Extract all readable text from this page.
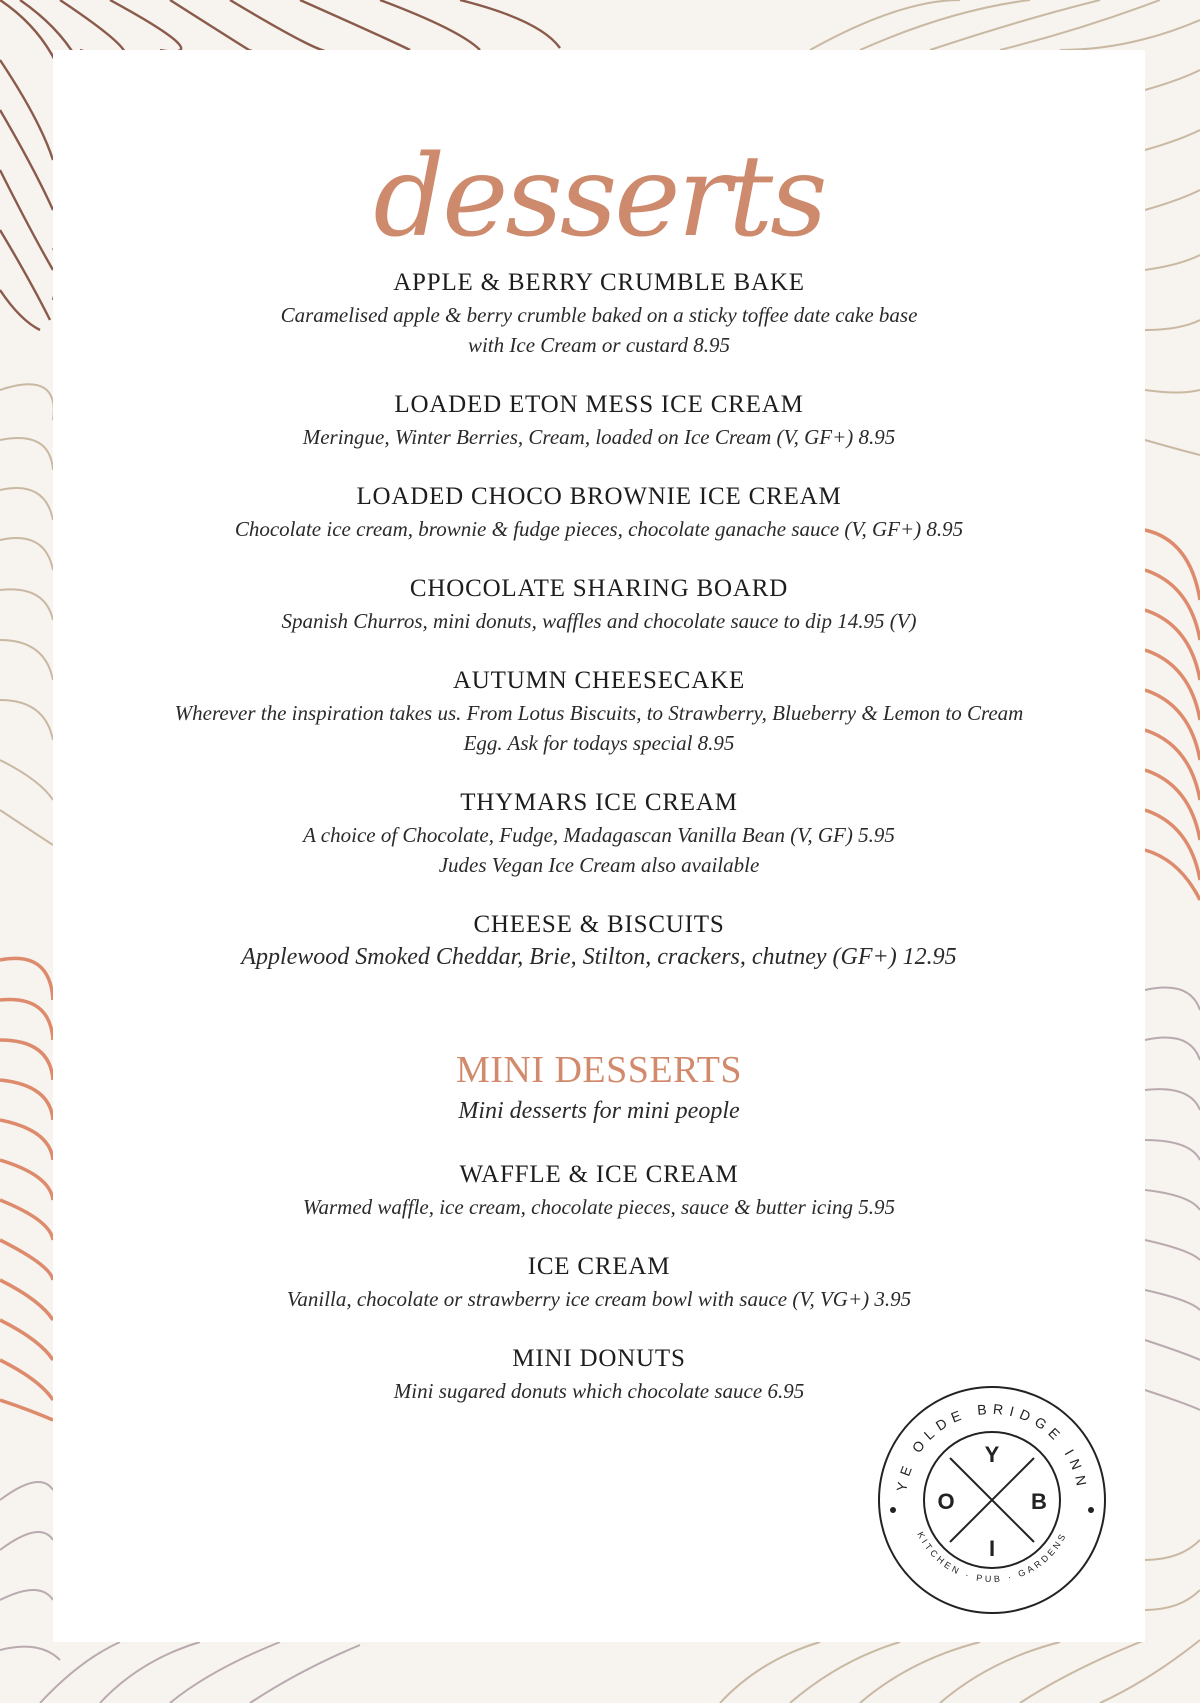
desserts
APPLE & BERRY CRUMBLE BAKE
Caramelised apple & berry crumble baked on a sticky toffee date cake base
with Ice Cream or custard 8.95
LOADED ETON MESS ICE CREAM
Meringue, Winter Berries, Cream, loaded on Ice Cream (V, GF+) 8.95
LOADED CHOCO BROWNIE ICE CREAM
Chocolate ice cream, brownie & fudge pieces, chocolate ganache sauce (V, GF+) 8.95
CHOCOLATE SHARING BOARD
Spanish Churros, mini donuts, waffles and chocolate sauce to dip 14.95 (V)
AUTUMN CHEESECAKE
Wherever the inspiration takes us. From Lotus Biscuits, to Strawberry, Blueberry & Lemon to Cream
Egg. Ask for todays special 8.95
THYMARS ICE CREAM
A choice of Chocolate, Fudge, Madagascan Vanilla Bean (V, GF) 5.95
Judes Vegan Ice Cream also available
CHEESE & BISCUITS
Applewood Smoked Cheddar, Brie, Stilton, crackers, chutney (GF+) 12.95
MINI DESSERTS
Mini desserts for mini people
WAFFLE & ICE CREAM
Warmed waffle, ice cream, chocolate pieces, sauce & butter icing 5.95
ICE CREAM
Vanilla, chocolate or strawberry ice cream bowl with sauce (V, VG+) 3.95
MINI DONUTS
Mini sugared donuts which chocolate sauce 6.95
YE OLDE BRIDGE INN
KITCHEN · PUB · GARDENS
Y
O	B
I
